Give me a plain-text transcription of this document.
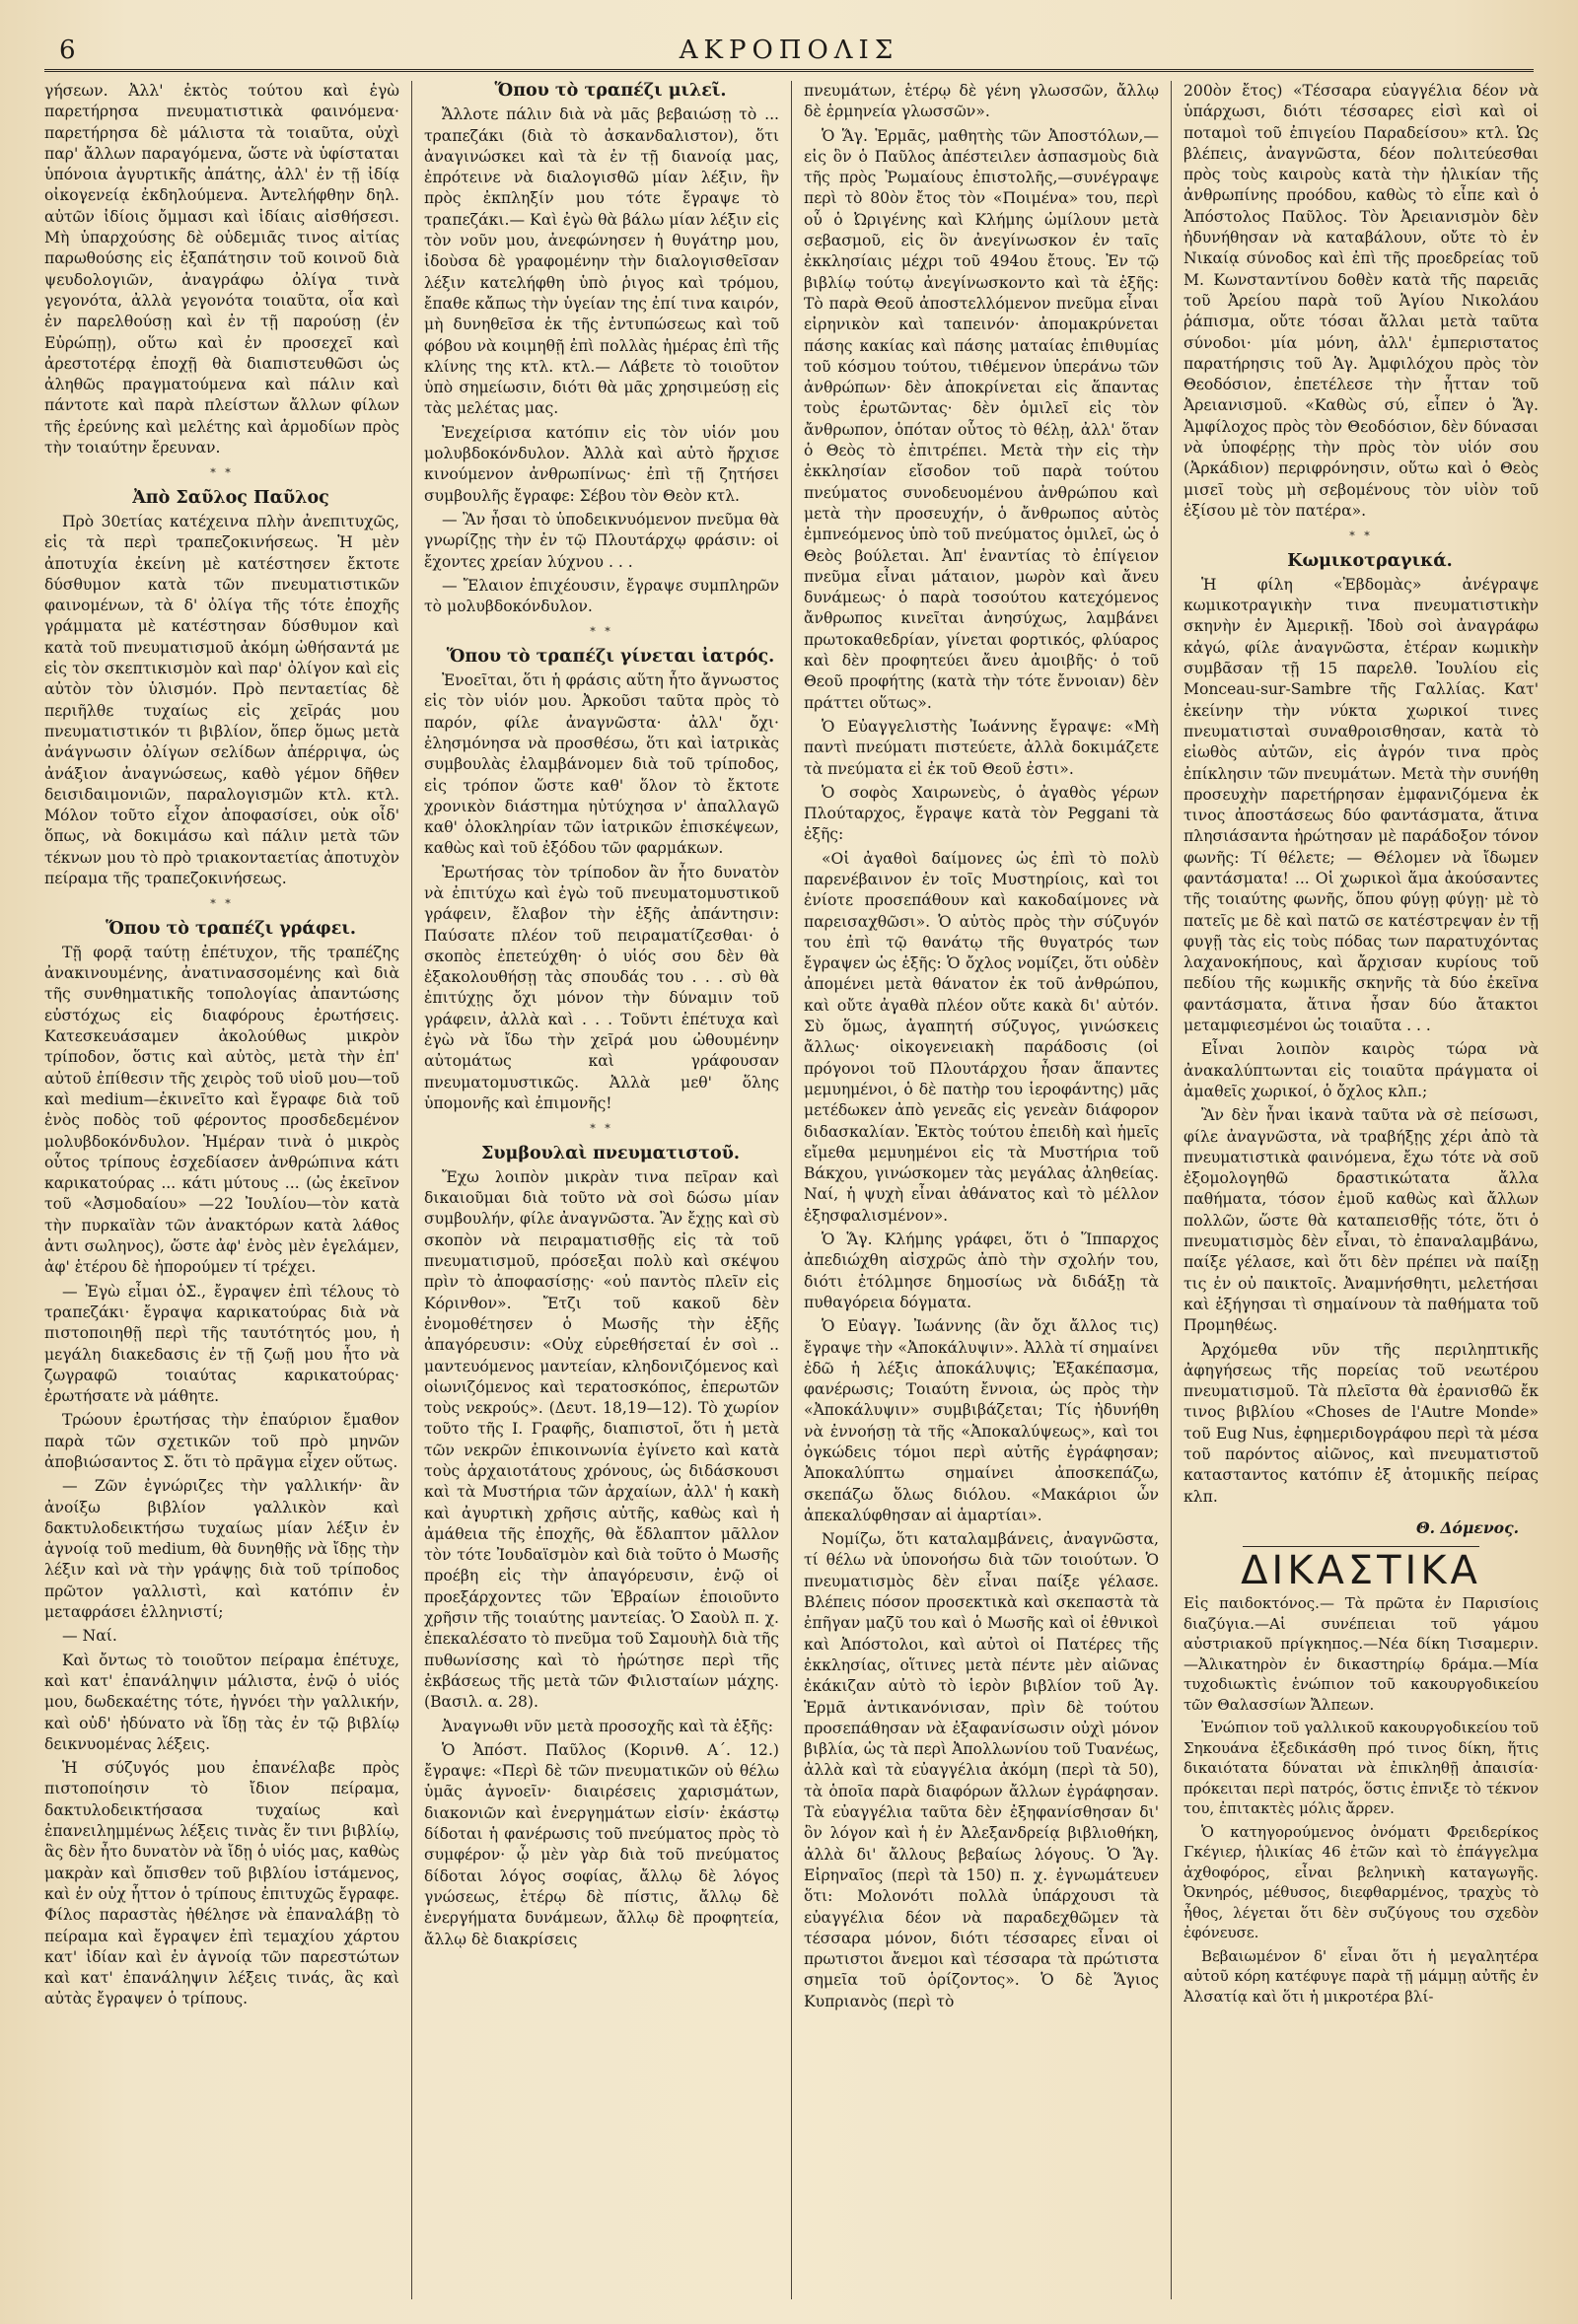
6	ΑΚΡΟΠΟΛΙΣ

γήσεων. Ἀλλ' ἐκτὸς τούτου καὶ ἐγὼ παρετήρησα πνευματιστικὰ φαινόμενα· παρετήρησα δὲ μάλιστα τὰ τοιαῦτα, οὐχὶ παρ' ἄλλων παραγόμενα, ὥστε νὰ ὑφίσταται ὑπόνοια ἀγυρτικῆς ἀπάτης, ἀλλ' ἐν τῇ ἰδίᾳ οἰκογενείᾳ ἐκδηλούμενα. Ἀντελήφθην δηλ. αὐτῶν ἰδίοις ὄμμασι καὶ ἰδίαις αἰσθήσεσι. Μὴ ὑπαρχούσης δὲ οὐδεμιᾶς τινος αἰτίας παρωθούσης εἰς ἐξαπάτησιν τοῦ κοινοῦ διὰ ψευδολογιῶν, ἀναγράφω ὀλίγα τινὰ γεγονότα, ἀλλὰ γεγονότα τοιαῦτα, οἷα καὶ ἐν παρελθούσῃ καὶ ἐν τῇ παρούσῃ (ἐν Εὐρώπῃ), οὕτω καὶ ἐν προσεχεῖ καὶ ἀρεστοτέρᾳ ἐποχῇ θὰ διαπιστευθῶσι ὡς ἀληθῶς πραγματούμενα καὶ πάλιν καὶ πάντοτε καὶ παρὰ πλείστων ἄλλων φίλων τῆς ἐρεύνης καὶ μελέτης καὶ ἁρμοδίων πρὸς τὴν τοιαύτην ἔρευναν.

* *

Ἀπὸ Σαῦλος Παῦλος

Πρὸ 30ετίας κατέχεινα πλὴν ἀνεπιτυχῶς, εἰς τὰ περὶ τραπεζοκινήσεως. Ἡ μὲν ἀποτυχία ἐκείνη μὲ κατέστησεν ἔκτοτε δύσθυμον κατὰ τῶν πνευματιστικῶν φαινομένων, τὰ δ' ὀλίγα τῆς τότε ἐποχῆς γράμματα μὲ κατέστησαν δύσθυμον καὶ κατὰ τοῦ πνευματισμοῦ ἀκόμη ὠθήσαντά με εἰς τὸν σκεπτικισμὸν καὶ παρ' ὀλίγον καὶ εἰς αὐτὸν τὸν ὑλισμόν. Πρὸ πενταετίας δὲ περιῆλθε τυχαίως εἰς χεῖράς μου πνευματιστικόν τι βιβλίον, ὅπερ ὅμως μετὰ ἀνάγνωσιν ὀλίγων σελίδων ἀπέρριψα, ὡς ἀνάξιον ἀναγνώσεως, καθὸ γέμον δῆθεν δεισιδαιμονιῶν, παραλογισμῶν κτλ. κτλ. Μόλον τοῦτο εἶχον ἀποφασίσει, οὐκ οἶδ' ὅπως, νὰ δοκιμάσω καὶ πάλιν μετὰ τῶν τέκνων μου τὸ πρὸ τριακονταετίας ἀποτυχὸν πείραμα τῆς τραπεζοκινήσεως.

* *

Ὅπου τὸ τραπέζι γράφει.

Τῇ φορᾷ ταύτῃ ἐπέτυχον, τῆς τραπέζης ἀνακινουμένης, ἀνατινασσομένης καὶ διὰ τῆς συνθηματικῆς τοπολογίας ἀπαντώσης εὐστόχως εἰς διαφόρους ἐρωτήσεις. Κατεσκευάσαμεν ἀκολούθως μικρὸν τρίποδον, ὅστις καὶ αὐτὸς, μετὰ τὴν ἐπ' αὐτοῦ ἐπίθεσιν τῆς χειρὸς τοῦ υἱοῦ μου—τοῦ καὶ medium—ἐκινεῖτο καὶ ἔγραφε διὰ τοῦ ἑνὸς ποδὸς τοῦ φέροντος προσδεδεμένον μολυβδοκόνδυλον. Ἡμέραν τινὰ ὁ μικρὸς οὗτος τρίπους ἐσχεδίασεν ἀνθρώπινα κάτι καρικατούρας ... κάτι μύτους ... (ὡς ἐκεῖνον τοῦ «Ἀσμοδαίου» —22 Ἰουλίου—τὸν κατὰ τὴν πυρκαϊὰν τῶν ἀνακτόρων κατὰ λάθος ἀντι σωληνος), ὥστε ἀφ' ἑνὸς μὲν ἐγελάμεν, ἀφ' ἑτέρου δὲ ἠπορούμεν τί τρέχει.

— Ἐγὼ εἶμαι ὁΣ., ἔγραψεν ἐπὶ τέλους τὸ τραπεζάκι· ἔγραψα καρικατούρας διὰ νὰ πιστοποιηθῇ περὶ τῆς ταυτότητός μου, ἡ μεγάλη διακεδασις ἐν τῇ ζωῇ μου ἦτο νὰ ζωγραφῶ τοιαύτας καρικατούρας· ἐρωτήσατε νὰ μάθητε.

Τρώουν ἐρωτήσας τὴν ἐπαύριον ἔμαθον παρὰ τῶν σχετικῶν τοῦ πρὸ μηνῶν ἀποβιώσαντος Σ. ὅτι τὸ πρᾶγμα εἶχεν οὕτως.

— Ζῶν ἐγνώριζες τὴν γαλλικήν· ἂν ἀνοίξω βιβλίον γαλλικὸν καὶ δακτυλοδεικτήσω τυχαίως μίαν λέξιν ἐν ἀγνοίᾳ τοῦ medium, θὰ δυνηθῇς νὰ ἴδῃς τὴν λέξιν καὶ νὰ τὴν γράψῃς διὰ τοῦ τρίποδος πρῶτον γαλλιστὶ, καὶ κατόπιν ἐν μεταφράσει ἑλληνιστί;

— Ναί.

Καὶ ὄντως τὸ τοιοῦτον πείραμα ἐπέτυχε, καὶ κατ' ἐπανάληψιν μάλιστα, ἐνῷ ὁ υἱός μου, δωδεκαέτης τότε, ἠγνόει τὴν γαλλικήν, καὶ οὐδ' ἠδύνατο νὰ ἴδῃ τὰς ἐν τῷ βιβλίῳ δεικνυομένας λέξεις.

Ἡ σύζυγός μου ἐπανέλαβε πρὸς πιστοποίησιν τὸ ἴδιον πείραμα, δακτυλοδεικτήσασα τυχαίως καὶ ἐπανειλημμένως λέξεις τινὰς ἔν τινι βιβλίῳ, ἃς δὲν ἦτο δυνατὸν νὰ ἴδῃ ὁ υἱός μας, καθὼς μακρὰν καὶ ὄπισθεν τοῦ βιβλίου ἱστάμενος, καὶ ἐν οὐχ ἧττον ὁ τρίπους ἐπιτυχῶς ἔγραφε. Φίλος παραστὰς ἠθέλησε νὰ ἐπαναλάβῃ τὸ πείραμα καὶ ἔγραψεν ἐπὶ τεμαχίου χάρτου κατ' ἰδίαν καὶ ἐν ἀγνοίᾳ τῶν παρεστώτων καὶ κατ' ἐπανάληψιν λέξεις τινάς, ἃς καὶ αὐτὰς ἔγραψεν ὁ τρίπους.

Ὅπου τὸ τραπέζι μιλεῖ.

Ἄλλοτε πάλιν διὰ νὰ μᾶς βεβαιώσῃ τὸ ... τραπεζάκι (διὰ τὸ ἀσκανδαλιστον), ὅτι ἀναγινώσκει καὶ τὰ ἐν τῇ διανοίᾳ μας, ἐπρότεινε νὰ διαλογισθῶ μίαν λέξιν, ἣν πρὸς ἐκπληξίν μου τότε ἔγραψε τὸ τραπεζάκι.— Καὶ ἐγὼ θὰ βάλω μίαν λέξιν εἰς τὸν νοῦν μου, ἀνεφώνησεν ἡ θυγάτηρ μου, ἰδοὺσα δὲ γραφομένην τὴν διαλογισθεῖσαν λέξιν κατελήφθη ὑπὸ ῥιγος καὶ τρόμου, ἔπαθε κἄπως τὴν ὑγείαν της ἐπί τινα καιρόν, μὴ δυνηθεῖσα ἐκ τῆς ἐντυπώσεως καὶ τοῦ φόβου νὰ κοιμηθῇ ἐπὶ πολλὰς ἡμέρας ἐπὶ τῆς κλίνης της κτλ. κτλ.— Λάβετε τὸ τοιοῦτον ὑπὸ σημείωσιν, διότι θὰ μᾶς χρησιμεύσῃ εἰς τὰς μελέτας μας.

Ἐνεχείρισα κατόπιν εἰς τὸν υἱόν μου μολυβδοκόνδυλον. Ἀλλὰ καὶ αὐτὸ ἤρχισε κινούμενον ἀνθρωπίνως· ἐπὶ τῇ ζητήσει συμβουλῆς ἔγραφε: Σέβου τὸν Θεὸν κτλ.

— Ἂν ἦσαι τὸ ὑποδεικνυόμενον πνεῦμα θὰ γνωρίζῃς τὴν ἐν τῷ Πλουτάρχῳ φράσιν: οἱ ἔχοντες χρείαν λύχνου . . .

— Ἔλαιον ἐπιχέουσιν, ἔγραψε συμπληρῶν τὸ μολυβδοκόνδυλον.

* *

Ὅπου τὸ τραπέζι γίνεται ἰατρός.

Ἐνοεῖται, ὅτι ἡ φράσις αὕτη ἦτο ἄγνωστος εἰς τὸν υἱόν μου. Ἀρκοῦσι ταῦτα πρὸς τὸ παρόν, φίλε ἀναγνῶστα· ἀλλ' ὄχι· ἐλησμόνησα νὰ προσθέσω, ὅτι καὶ ἰατρικὰς συμβουλὰς ἐλαμβάνομεν διὰ τοῦ τρίποδος, εἰς τρόπον ὥστε καθ' ὅλον τὸ ἔκτοτε χρονικὸν διάστημα ηὐτύχησα ν' ἀπαλλαγῶ καθ' ὁλοκληρίαν τῶν ἰατρικῶν ἐπισκέψεων, καθὼς καὶ τοῦ ἐξόδου τῶν φαρμάκων.

Ἐρωτήσας τὸν τρίποδον ἂν ἦτο δυνατὸν νὰ ἐπιτύχω καὶ ἐγὼ τοῦ πνευματομυστικοῦ γράφειν, ἔλαβον τὴν ἑξῆς ἀπάντησιν: Παύσατε πλέον τοῦ πειραματίζεσθαι· ὁ σκοπὸς ἐπετεύχθη· ὁ υἱός σου δὲν θὰ ἐξακολουθήσῃ τὰς σπουδάς του . . . σὺ θὰ ἐπιτύχῃς ὄχι μόνον τὴν δύναμιν τοῦ γράφειν, ἀλλὰ καὶ . . . Τοῦντι ἐπέτυχα καὶ ἐγὼ νὰ ἴδω τὴν χεῖρά μου ὠθουμένην αὐτομάτως καὶ γράφουσαν πνευματομυστικῶς. Ἀλλὰ μεθ' ὅλης ὑπομονῆς καὶ ἐπιμονῆς!

* *

Συμβουλαὶ πνευματιστοῦ.

Ἔχω λοιπὸν μικρὰν τινα πεῖραν καὶ δικαιοῦμαι διὰ τοῦτο νὰ σοὶ δώσω μίαν συμβουλήν, φίλε ἀναγνῶστα. Ἂν ἔχῃς καὶ σὺ σκοπὸν νὰ πειραματισθῇς εἰς τὰ τοῦ πνευματισμοῦ, πρόσεξαι πολὺ καὶ σκέψου πρὶν τὸ ἀποφασίσῃς· «οὐ παντὸς πλεῖν εἰς Κόρινθον». Ἔτζι τοῦ κακοῦ δὲν ἐνομοθέτησεν ὁ Μωσῆς τὴν ἑξῆς ἀπαγόρευσιν: «Οὐχ εὑρεθήσεταί ἐν σοὶ .. μαντευόμενος μαντείαν, κληδονιζόμενος καὶ οἰωνιζόμενος καὶ τερατοσκόπος, ἐπερωτῶν τοὺς νεκρούς». (Δευτ. 18,19—12). Τὸ χωρίον τοῦτο τῆς Ι. Γραφῆς, διαπιστοῖ, ὅτι ἡ μετὰ τῶν νεκρῶν ἐπικοινωνία ἐγίνετο καὶ κατὰ τοὺς ἀρχαιοτάτους χρόνους, ὡς διδάσκουσι καὶ τὰ Μυστήρια τῶν ἀρχαίων, ἀλλ' ἡ κακὴ καὶ ἀγυρτικὴ χρῆσις αὐτῆς, καθὼς καὶ ἡ ἀμάθεια τῆς ἐποχῆς, θὰ ἔδλαπτον μᾶλλον τὸν τότε Ἰουδαϊσμὸν καὶ διὰ τοῦτο ὁ Μωσῆς προέβη εἰς τὴν ἀπαγόρευσιν, ἐνῷ οἱ προεξάρχοντες τῶν Ἑβραίων ἐποιοῦντο χρῆσιν τῆς τοιαύτης μαντείας. Ὁ Σαοὺλ π. χ. ἐπεκαλέσατο τὸ πνεῦμα τοῦ Σαμουὴλ διὰ τῆς πυθωνίσσης καὶ τὸ ἠρώτησε περὶ τῆς ἐκβάσεως τῆς μετὰ τῶν Φιλισταίων μάχης. (Βασιλ. α. 28).

Ἀναγνωθι νῦν μετὰ προσοχῆς καὶ τὰ ἑξῆς:

Ὁ Ἀπόστ. Παῦλος (Κορινθ. Α΄. 12.) ἔγραψε: «Περὶ δὲ τῶν πνευματικῶν οὐ θέλω ὑμᾶς ἀγνοεῖν· διαιρέσεις χαρισμάτων, διακονιῶν καὶ ἐνεργημάτων εἰσίν· ἑκάστῳ δίδοται ἡ φανέρωσις τοῦ πνεύματος πρὸς τὸ συμφέρον· ᾧ μὲν γὰρ διὰ τοῦ πνεύματος δίδοται λόγος σοφίας, ἄλλῳ δὲ λόγος γνώσεως, ἑτέρῳ δὲ πίστις, ἄλλῳ δὲ ἐνεργήματα δυνάμεων, ἄλλῳ δὲ προφητεία, ἄλλῳ δὲ διακρίσεις

πνευμάτων, ἑτέρῳ δὲ γένη γλωσσῶν, ἄλλῳ δὲ ἑρμηνεία γλωσσῶν».

Ὁ Ἅγ. Ἑρμᾶς, μαθητὴς τῶν Ἀποστόλων,— εἰς ὃν ὁ Παῦλος ἀπέστειλεν ἀσπασμοὺς διὰ τῆς πρὸς Ῥωμαίους ἐπιστολῆς,—συνέγραψε περὶ τὸ 80ὸν ἔτος τὸν «Ποιμένα» του, περὶ οὗ ὁ Ὠριγένης καὶ Κλήμης ὡμίλουν μετὰ σεβασμοῦ, εἰς ὃν ἀνεγίνωσκον ἐν ταῖς ἐκκλησίαις μέχρι τοῦ 494ου ἔτους. Ἐν τῷ βιβλίῳ τούτῳ ἀνεγίνωσκοντο καὶ τὰ ἑξῆς: Τὸ παρὰ Θεοῦ ἀποστελλόμενον πνεῦμα εἶναι εἰρηνικὸν καὶ ταπεινόν· ἀπομακρύνεται πάσης κακίας καὶ πάσης ματαίας ἐπιθυμίας τοῦ κόσμου τούτου, τιθέμενον ὑπεράνω τῶν ἀνθρώπων· δὲν ἀποκρίνεται εἰς ἅπαντας τοὺς ἐρωτῶντας· δὲν ὁμιλεῖ εἰς τὸν ἄνθρωπον, ὁπόταν οὗτος τὸ θέλῃ, ἀλλ' ὅταν ὁ Θεὸς τὸ ἐπιτρέπει. Μετὰ τὴν εἰς τὴν ἐκκλησίαν εἴσοδον τοῦ παρὰ τούτου πνεύματος συνοδευομένου ἀνθρώπου καὶ μετὰ τὴν προσευχήν, ὁ ἄνθρωπος αὐτὸς ἐμπνεόμενος ὑπὸ τοῦ πνεύματος ὁμιλεῖ, ὡς ὁ Θεὸς βούλεται. Ἀπ' ἐναντίας τὸ ἐπίγειον πνεῦμα εἶναι μάταιον, μωρὸν καὶ ἄνευ δυνάμεως· ὁ παρὰ τοσούτου κατεχόμενος ἄνθρωπος κινεῖται ἀνησύχως, λαμβάνει πρωτοκαθεδρίαν, γίνεται φορτικός, φλύαρος καὶ δὲν προφητεύει ἄνευ ἀμοιβῆς· ὁ τοῦ Θεοῦ προφήτης (κατὰ τὴν τότε ἔννοιαν) δὲν πράττει οὕτως».

Ὁ Εὐαγγελιστὴς Ἰωάννης ἔγραψε: «Μὴ παντὶ πνεύματι πιστεύετε, ἀλλὰ δοκιμάζετε τὰ πνεύματα εἰ ἐκ τοῦ Θεοῦ ἐστι».

Ὁ σοφὸς Χαιρωνεὺς, ὁ ἀγαθὸς γέρων Πλούταρχος, ἔγραψε κατὰ τὸν Peggani τὰ ἑξῆς:

«Οἱ ἀγαθοὶ δαίμονες ὡς ἐπὶ τὸ πολὺ παρενέβαινον ἐν τοῖς Μυστηρίοις, καὶ τοι ἐνίοτε προσεπάθουν καὶ κακοδαίμονες νὰ παρεισαχθῶσι». Ὁ αὐτὸς πρὸς τὴν σύζυγόν του ἐπὶ τῷ θανάτῳ τῆς θυγατρός των ἔγραψεν ὡς ἑξῆς: Ὁ ὄχλος νομίζει, ὅτι οὐδὲν ἀπομένει μετὰ θάνατον ἐκ τοῦ ἀνθρώπου, καὶ οὔτε ἀγαθὰ πλέον οὔτε κακὰ δι' αὐτόν. Σὺ ὅμως, ἀγαπητή σύζυγος, γινώσκεις ἄλλως· οἰκογενειακὴ παράδοσις (οἱ πρόγονοι τοῦ Πλουτάρχου ἦσαν ἅπαντες μεμυημένοι, ὁ δὲ πατὴρ του ἱεροφάντης) μᾶς μετέδωκεν ἀπὸ γενεᾶς εἰς γενεὰν διάφορον διδασκαλίαν. Ἐκτὸς τούτου ἐπειδὴ καὶ ἡμεῖς εἴμεθα μεμυημένοι εἰς τὰ Μυστήρια τοῦ Βάκχου, γινώσκομεν τὰς μεγάλας ἀληθείας. Ναί, ἡ ψυχὴ εἶναι ἀθάνατος καὶ τὸ μέλλον ἐξησφαλισμένον».

Ὁ Ἅγ. Κλήμης γράφει, ὅτι ὁ Ἵππαρχος ἀπεδιώχθη αἰσχρῶς ἀπὸ τὴν σχολήν του, διότι ἐτόλμησε δημοσίως νὰ διδάξῃ τὰ πυθαγόρεια δόγματα.

Ὁ Εὐαγγ. Ἰωάννης (ἂν ὄχι ἄλλος τις) ἔγραψε τὴν «Ἀποκάλυψιν». Ἀλλὰ τί σημαίνει ἐδῶ ἡ λέξις ἀποκάλυψις; Ἐξακέπασμα, φανέρωσις; Τοιαύτη ἔννοια, ὡς πρὸς τὴν «Ἀποκάλυψιν» συμβιβάζεται; Τίς ἠδυνήθη νὰ ἐννοήσῃ τὰ τῆς «Ἀποκαλύψεως», καὶ τοι ὀγκώδεις τόμοι περὶ αὐτῆς ἐγράφησαν; Ἀποκαλύπτω σημαίνει ἀποσκεπάζω, σκεπάζω ὅλως διόλου. «Μακάριοι ὧν ἀπεκαλύφθησαν αἱ ἁμαρτίαι».

Νομίζω, ὅτι καταλαμβάνεις, ἀναγνῶστα, τί θέλω νὰ ὑπονοήσω διὰ τῶν τοιούτων. Ὁ πνευματισμὸς δὲν εἶναι παίξε γέλασε. Βλέπεις πόσον προσεκτικὰ καὶ σκεπαστὰ τὰ ἐπῆγαν μαζῦ του καὶ ὁ Μωσῆς καὶ οἱ ἐθνικοὶ καὶ Ἀπόστολοι, καὶ αὐτοὶ οἱ Πατέρες τῆς ἐκκλησίας, οἵτινες μετὰ πέντε μὲν αἰῶνας ἐκάκιζαν αὐτὸ τὸ ἱερὸν βιβλίον τοῦ Ἁγ. Ἑρμᾶ ἀντικανόνισαν, πρὶν δὲ τούτου προσεπάθησαν νὰ ἐξαφανίσωσιν οὐχὶ μόνον βιβλία, ὡς τὰ περὶ Ἀπολλωνίου τοῦ Τυανέως, ἀλλὰ καὶ τὰ εὐαγγέλια ἀκόμη (περὶ τὰ 50), τὰ ὁποῖα παρὰ διαφόρων ἄλλων ἐγράφησαν. Τὰ εὐαγγέλια ταῦτα δὲν ἐξηφανίσθησαν δι' ὃν λόγον καὶ ἡ ἐν Ἀλεξανδρείᾳ βιβλιοθήκη, ἀλλὰ δι' ἄλλους βεβαίως λόγους. Ὁ Ἅγ. Εἰρηναῖος (περὶ τὰ 150) π. χ. ἐγνωμάτευεν ὅτι: Μολονότι πολλὰ ὑπάρχουσι τὰ εὐαγγέλια δέον νὰ παραδεχθῶμεν τὰ τέσσαρα μόνον, διότι τέσσαρες εἶναι οἱ πρωτιστοι ἄνεμοι καὶ τέσσαρα τὰ πρώτιστα σημεῖα τοῦ ὁρίζοντος». Ὁ δὲ Ἅγιος Κυπριανὸς (περὶ τὸ

200ὸν ἔτος) «Τέσσαρα εὐαγγέλια δέον νὰ ὑπάρχωσι, διότι τέσσαρες εἰσὶ καὶ οἱ ποταμοὶ τοῦ ἐπιγείου Παραδείσου» κτλ. Ὡς βλέπεις, ἀναγνῶστα, δέον πολιτεύεσθαι πρὸς τοὺς καιροὺς κατὰ τὴν ἡλικίαν τῆς ἀνθρωπίνης προόδου, καθὼς τὸ εἶπε καὶ ὁ Ἀπόστολος Παῦλος. Τὸν Ἀρειανισμὸν δὲν ἠδυνήθησαν νὰ καταβάλουν, οὔτε τὸ ἐν Νικαίᾳ σύνοδος καὶ ἐπὶ τῆς προεδρείας τοῦ Μ. Κωνσταντίνου δοθὲν κατὰ τῆς παρειᾶς τοῦ Ἀρείου παρὰ τοῦ Ἁγίου Νικολάου ῥάπισμα, οὔτε τόσαι ἄλλαι μετὰ ταῦτα σύνοδοι· μία μόνη, ἀλλ' ἐμπεριστατος παρατήρησις τοῦ Ἁγ. Ἀμφιλόχου πρὸς τὸν Θεοδόσιον, ἐπετέλεσε τὴν ἧτταν τοῦ Ἀρειανισμοῦ. «Καθὼς σύ, εἶπεν ὁ Ἅγ. Ἀμφίλοχος πρὸς τὸν Θεοδόσιον, δὲν δύνασαι νὰ ὑποφέρῃς τὴν πρὸς τὸν υἱόν σου (Ἀρκάδιον) περιφρόνησιν, οὕτω καὶ ὁ Θεὸς μισεῖ τοὺς μὴ σεβομένους τὸν υἱὸν τοῦ ἐξίσου μὲ τὸν πατέρα».

* *

Κωμικοτραγικά.

Ἡ φίλη «Ἑβδομὰς» ἀνέγραψε κωμικοτραγικὴν τινα πνευματιστικὴν σκηνὴν ἐν Ἀμερικῇ. Ἰδοὺ σοὶ ἀναγράφω κἀγώ, φίλε ἀναγνῶστα, ἑτέραν κωμικὴν συμβᾶσαν τῇ 15 παρελθ. Ἰουλίου εἰς Monceau-sur-Sambre τῆς Γαλλίας. Κατ' ἐκείνην τὴν νύκτα χωρικοί τινες πνευματισταὶ συναθροισθησαν, κατὰ τὸ εἰωθὸς αὐτῶν, εἰς ἀγρόν τινα πρὸς ἐπίκλησιν τῶν πνευμάτων. Μετὰ τὴν συνήθη προσευχὴν παρετήρησαν ἐμφανιζόμενα ἐκ τινος ἀποστάσεως δύο φαντάσματα, ἅτινα πλησιάσαντα ἠρώτησαν μὲ παράδοξον τόνον φωνῆς: Τί θέλετε; — Θέλομεν νὰ ἴδωμεν φαντάσματα! ... Οἱ χωρικοὶ ἅμα ἀκούσαντες τῆς τοιαύτης φωνῆς, ὅπου φύγῃ φύγῃ· μὲ τὸ πατεῖς με δὲ καὶ πατῶ σε κατέστρεψαν ἐν τῇ φυγῇ τὰς εἰς τοὺς πόδας των παρατυχόντας λαχανοκήπους, καὶ ἄρχισαν κυρίους τοῦ πεδίου τῆς κωμικῆς σκηνῆς τὰ δύο ἐκεῖνα φαντάσματα, ἅτινα ἦσαν δύο ἄτακτοι μεταμφιεσμένοι ὡς τοιαῦτα . . .

Εἶναι λοιπὸν καιρὸς τώρα νὰ ἀνακαλύπτωνται εἰς τοιαῦτα πράγματα οἱ ἀμαθεῖς χωρικοί, ὁ ὄχλος κλπ.;

Ἂν δὲν ἦναι ἱκανὰ ταῦτα νὰ σὲ πείσωσι, φίλε ἀναγνῶστα, νὰ τραβήξῃς χέρι ἀπὸ τὰ πνευματιστικὰ φαινόμενα, ἔχω τότε νὰ σοῦ ἐξομολογηθῶ δραστικώτατα ἄλλα παθήματα, τόσον ἐμοῦ καθὼς καὶ ἄλλων πολλῶν, ὥστε θὰ καταπεισθῇς τότε, ὅτι ὁ πνευματισμὸς δὲν εἶναι, τὸ ἐπαναλαμβάνω, παίξε γέλασε, καὶ ὅτι δὲν πρέπει νὰ παίξῃ τις ἐν οὐ παικτοῖς. Ἀναμνήσθητι, μελετήσαι καὶ ἐξήγησαι τὶ σημαίνουν τὰ παθήματα τοῦ Προμηθέως.

Ἀρχόμεθα νῦν τῆς περιληπτικῆς ἀφηγήσεως τῆς πορείας τοῦ νεωτέρου πνευματισμοῦ. Τὰ πλεῖστα θὰ ἐρανισθῶ ἔκ τινος βιβλίου «Choses de l'Autre Monde» τοῦ Eug Nus, ἐφημεριδογράφου περὶ τὰ μέσα τοῦ παρόντος αἰῶνος, καὶ πνευματιστοῦ κατασταντος κατόπιν ἐξ ἀτομικῆς πείρας κλπ.

Θ. Δόμενος.
ΔΙΚΑΣΤΙΚΑ

Εἰς παιδοκτόνος.— Τὰ πρῶτα ἐν Παρισίοις διαζύγια.—Αἱ συνέπειαι τοῦ γάμου αὐστριακοῦ πρίγκηπος.—Νέα δίκη Τισαμεριν.—Ἀλικατηρὸν ἐν δικαστηρίῳ δράμα.—Μία τυχοδιωκτὶς ἑνώπιον τοῦ κακουργοδικείου τῶν Θαλασσίων Ἄλπεων.

Ἐνώπιον τοῦ γαλλικοῦ κακουργοδικείου τοῦ Σηκουάνα ἐξεδικάσθη πρό τινος δίκη, ἥτις δικαιότατα δύναται νὰ ἐπικληθῇ ἀπαισία· πρόκειται περὶ πατρός, ὅστις ἐπνιξε τὸ τέκνον του, ἐπιτακτὲς μόλις ἄρρεν.

Ὁ κατηγορούμενος ὀνόματι Φρειδερίκος Γκέγιερ, ἡλικίας 46 ἐτῶν καὶ τὸ ἐπάγγελμα ἀχθοφόρος, εἶναι βεληνικὴ καταγωγῆς. Ὀκνηρός, μέθυσος, διεφθαρμένος, τραχὺς τὸ ἦθος, λέγεται ὅτι δὲν συζύγους του σχεδὸν ἐφόνευσε.

Βεβαιωμένον δ' εἶναι ὅτι ἡ μεγαλητέρα αὐτοῦ κόρη κατέφυγε παρὰ τῇ μάμμῃ αὐτῆς ἐν Ἀλσατίᾳ καὶ ὅτι ἡ μικροτέρα βλί-
